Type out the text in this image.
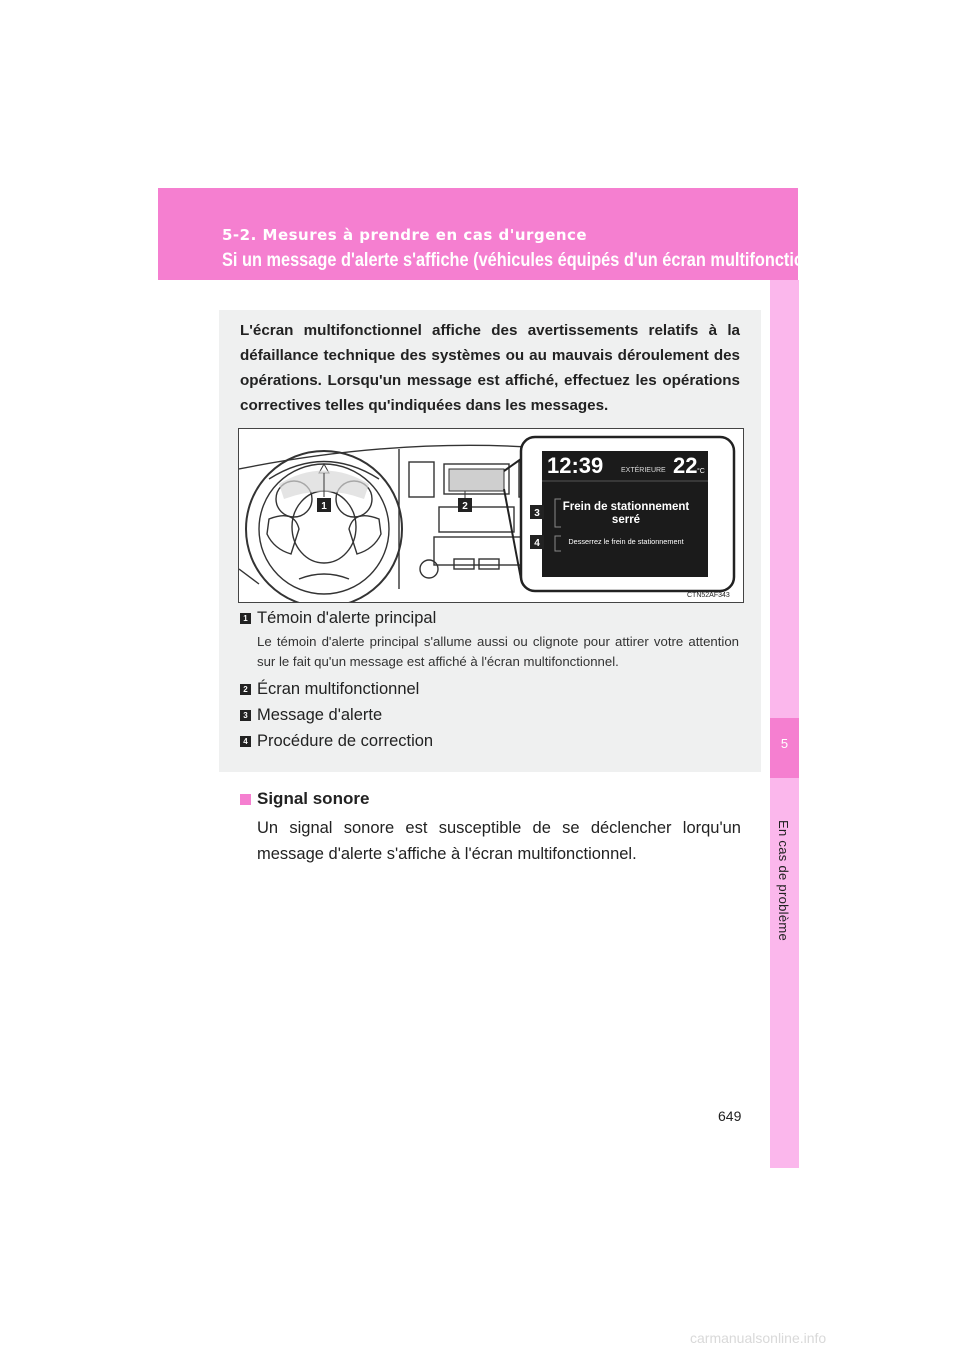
5-2. Mesures à prendre en cas d'urgence
Si un message d'alerte s'affiche (véhicules équipés d'un écran multifonctionnel)
5
En cas de problème
L'écran multifonctionnel affiche des avertissements relatifs à la défaillance technique des systèmes ou au mauvais déroulement des opérations. Lorsqu'un message est affiché, effectuez les opérations correctives telles qu'indiquées dans les messages.
1	2
12:39	EXTÉRIEURE 22 °C
Frein de stationnement
serré
Desserrez le frein de stationnement
3
4
CTN52AF343
1 Témoin d'alerte principal
Le témoin d'alerte principal s'allume aussi ou clignote pour attirer votre attention sur le fait qu'un message est affiché à l'écran multifonctionnel.
2 Écran multifonctionnel
3 Message d'alerte
4 Procédure de correction
Signal sonore
Un signal sonore est susceptible de se déclencher lorqu'un message d'alerte s'affiche à l'écran multifonctionnel.
649
carmanualsonline.info
